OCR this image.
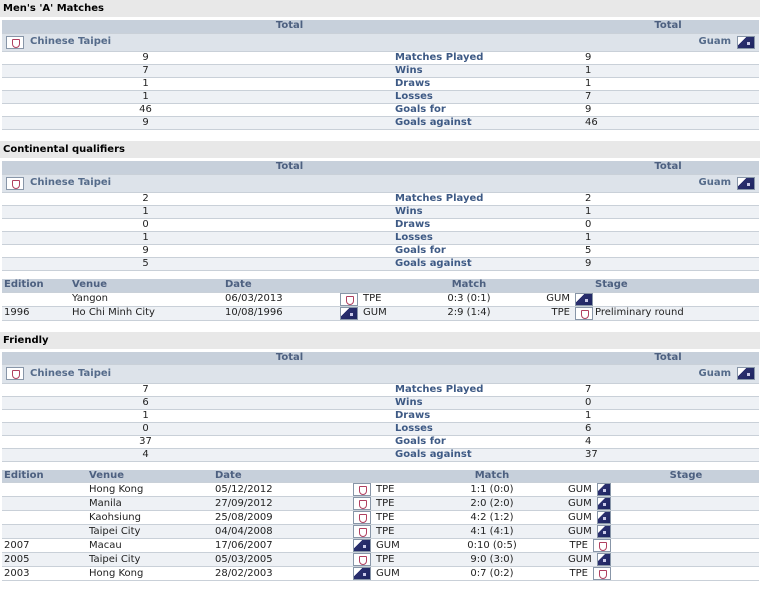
Men's 'A' Matches
Total	Total
Chinese Taipei		Guam	

9		Matches Played	9
7		Wins	1
1		Draws	1
1		Losses	7
46		Goals for	9
9		Goals against	46
Continental qualifiers
Total	Total
Chinese Taipei		Guam	

2		Matches Played	2
1		Wins	1
0		Draws	0
1		Losses	1
9		Goals for	5
5		Goals against	9
Edition	Venue	Date		Match		Stage
	Yangon	06/03/2013	TPE	0:3 (0:1)	GUM	

1996	Ho Chi Minh City	10/08/1996	GUM	2:9 (1:4)	TPE	Preliminary round
Friendly
Total	Total
Chinese Taipei		Guam	

7		Matches Played	7
6		Wins	0
1		Draws	1
0		Losses	6
37		Goals for	4
4		Goals against	37
Edition	Venue	Date		Match		Stage
	Hong Kong	05/12/2012	TPE	1:1 (0:0)	GUM	

	Manila	27/09/2012	TPE	2:0 (2:0)	GUM	

	Kaohsiung	25/08/2009	TPE	4:2 (1:2)	GUM	

	Taipei City	04/04/2008	TPE	4:1 (4:1)	GUM	

2007	Macau	17/06/2007	GUM	0:10 (0:5)	TPE	

2005	Taipei City	05/03/2005	TPE	9:0 (3:0)	GUM	

2003	Hong Kong	28/02/2003	GUM	0:7 (0:2)	TPE	
